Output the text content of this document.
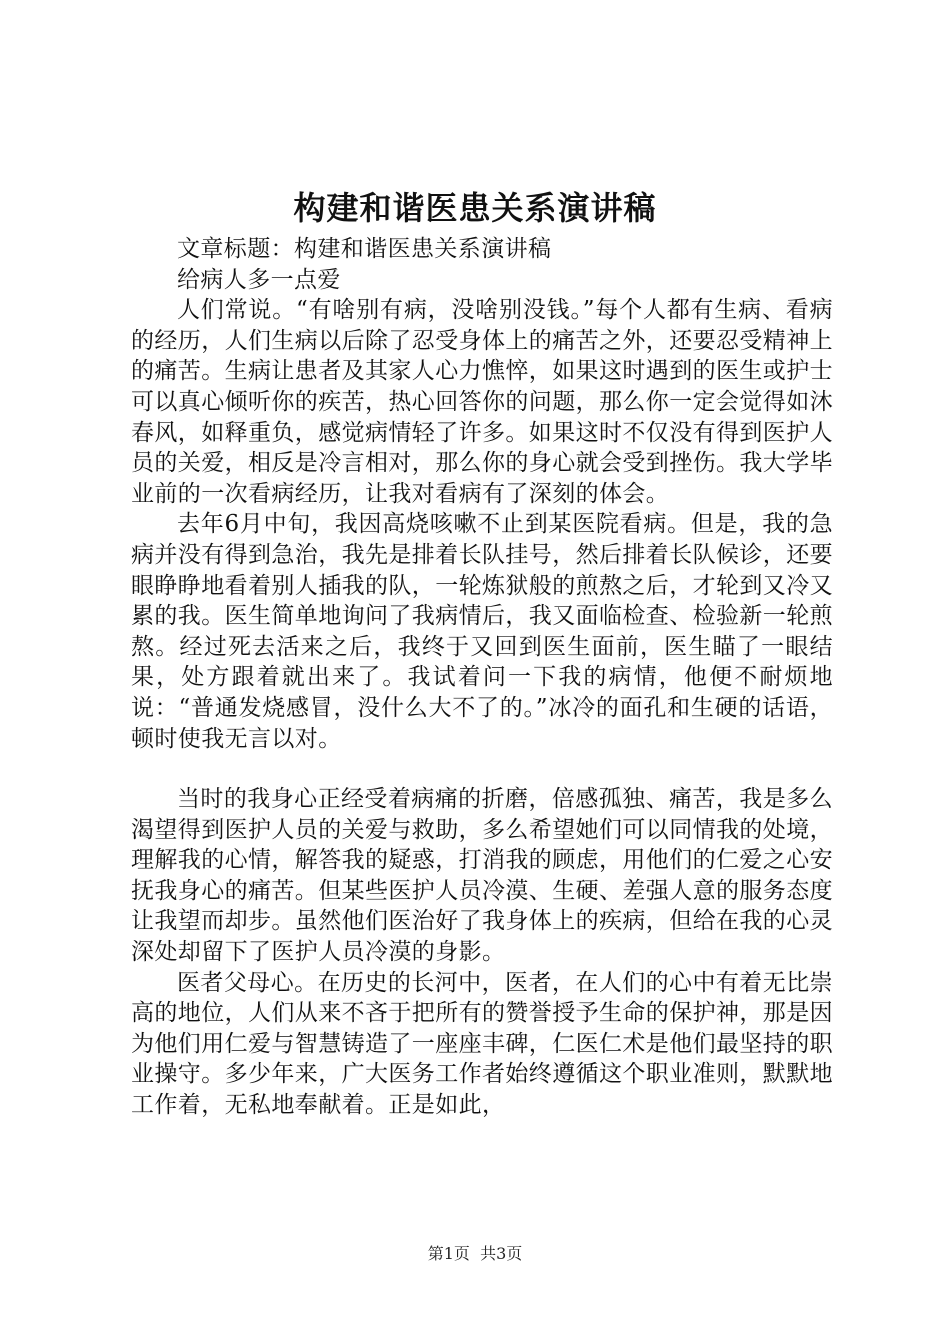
构建和谐医患关系演讲稿

文章标题：构建和谐医患关系演讲稿

给病人多一点爱

人们常说。“有啥别有病，没啥别没钱。”每个人都有生病、看病的经历，人们生病以后除了忍受身体上的痛苦之外，还要忍受精神上的痛苦。生病让患者及其家人心力憔悴，如果这时遇到的医生或护士可以真心倾听你的疾苦，热心回答你的问题，那么你一定会觉得如沐春风，如释重负，感觉病情轻了许多。如果这时不仅没有得到医护人员的关爱，相反是冷言相对，那么你的身心就会受到挫伤。我大学毕业前的一次看病经历，让我对看病有了深刻的体会。

去年6月中旬，我因高烧咳嗽不止到某医院看病。但是，我的急病并没有得到急治，我先是排着长队挂号，然后排着长队候诊，还要眼睁睁地看着别人插我的队，一轮炼狱般的煎熬之后，才轮到又冷又累的我。医生简单地询问了我病情后，我又面临检查、检验新一轮煎熬。经过死去活来之后，我终于又回到医生面前，医生瞄了一眼结果，处方跟着就出来了。我试着问一下我的病情，他便不耐烦地说：“普通发烧感冒，没什么大不了的。”冰冷的面孔和生硬的话语，顿时使我无言以对。

当时的我身心正经受着病痛的折磨，倍感孤独、痛苦，我是多么渴望得到医护人员的关爱与救助，多么希望她们可以同情我的处境，理解我的心情，解答我的疑惑，打消我的顾虑，用他们的仁爱之心安抚我身心的痛苦。但某些医护人员冷漠、生硬、差强人意的服务态度让我望而却步。虽然他们医治好了我身体上的疾病，但给在我的心灵深处却留下了医护人员冷漠的身影。

医者父母心。在历史的长河中，医者，在人们的心中有着无比崇高的地位，人们从来不吝于把所有的赞誉授予生命的保护神，那是因为他们用仁爱与智慧铸造了一座座丰碑，仁医仁术是他们最坚持的职业操守。多少年来，广大医务工作者始终遵循这个职业准则，默默地工作着，无私地奉献着。正是如此，

第1页 共3页
